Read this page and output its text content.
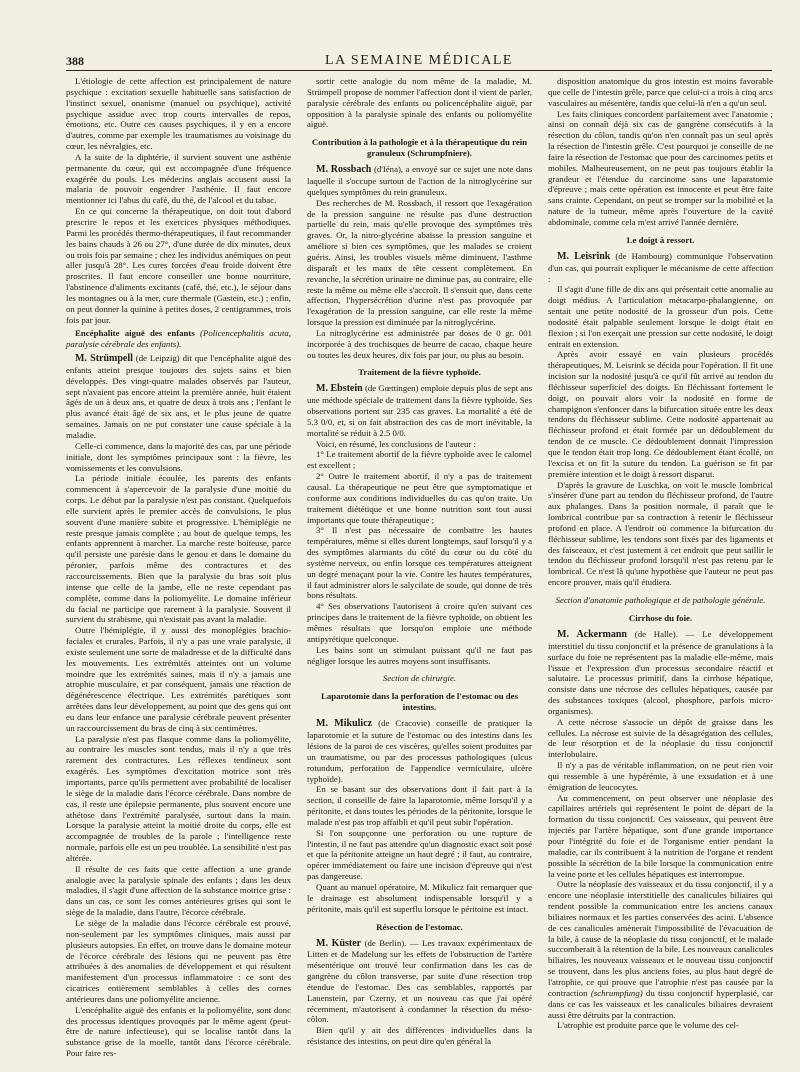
388	LA SEMAINE MÉDICALE

L'étiologie de cette affection est principalement de nature psychique : excitation sexuelle habituelle sans satisfaction de l'instinct sexuel, onanisme (manuel ou psychique), activité psychique assidue avec trop courts intervalles de repos, émotions, etc. Outre ces causes psychiques, il y en a encore d'autres, comme par exemple les traumatismes au voisinage du cœur, les névralgies, etc.

A la suite de la diphtérie, il survient souvent une asthénie permanente du cœur, qui est accompagnée d'une fréquence exagérée du pouls. Les médecins anglais accusent aussi la malaria de pouvoir engendrer l'asthénie. Il faut encore mentionner ici l'abus du café, du thé, de l'alcool et du tabac.

En ce qui concerne la thérapeutique, on doit tout d'abord prescrire le repos et les exercices physiques méthodiques. Parmi les procédés thermo-thérapeutiques, il faut recommander les bains chauds à 26 ou 27°, d'une durée de dix minutes, deux ou trois fois par semaine ; chez les individus anémiques on peut aller jusqu'à 28°. Les cures forcées d'eau froide doivent être proscrites. Il faut encore conseiller une bonne nourriture, l'abstinence d'aliments excitants (café, thé, etc.), le séjour dans les montagnes ou à la mer, cure thermale (Gastein, etc.) ; enfin, on peut donner la quinine à petites doses, 2 centigrammes, trois fois par jour.

Encéphalite aiguë des enfants (Policencephalitis acuta, paralysie cérébrale des enfants).

M. Strümpell (de Leipzig) dit que l'encéphalite aiguë des enfants atteint presque toujours des sujets sains et bien développés. Des vingt-quatre malades observés par l'auteur, sept n'avaient pas encore atteint la première année, huit étaient âgés de un à deux ans, et quatre de deux à trois ans ; l'enfant le plus avancé était âgé de six ans, et le plus jeune de quatre semaines. Jamais on ne put constater une cause spéciale à la maladie.

Celle-ci commence, dans la majorité des cas, par une période initiale, dont les symptômes principaux sont : la fièvre, les vomissements et les convulsions.

La période initiale écoulée, les parents des enfants commencent à s'apercevoir de la paralysie d'une moitié du corps. Le début par la paralysie n'est pas constant. Quelquefois elle survient après le premier accès de convulsions, le plus souvent d'une manière subite et progressive. L'hémiplégie ne reste presque jamais complète ; au bout de quelque temps, les enfants apprennent à marcher. La marche reste boiteuse, parce qu'il persiste une parésie dans le genou et dans le domaine du péronier, parfois même des contractures et des raccourcissements. Bien que la paralysie du bras soit plus intense que celle de la jambe, elle ne reste cependant pas complète, comme dans la poliomyélite. Le domaine inférieur du facial ne participe que rarement à la paralysie. Souvent il survient du strabisme, qui n'existait pas avant la maladie.

Outre l'hémiplégie, il y aussi des monoplégies brachio-faciales et crurales. Parfois, il n'y a pas une vraie paralysie, il existe seulement une sorte de maladresse et de la difficulté dans les mouvements. Les extrémités atteintes ont un volume moindre que les extrémités saines, mais il n'y a jamais une atrophie musculaire, et par conséquent, jamais une réaction de dégénérescence électrique. Les extrémités parétiques sont arrêtées dans leur développement, au point que des gens qui ont eu dans leur enfance une paralysie cérébrale peuvent présenter un raccourcissement du bras de cinq à six centimètres.

La paralysie n'est pas flasque comme dans la poliomyélite, au contraire les muscles sont tendus, mais il n'y a que très rarement des contractures. Les réflexes tendineux sont exagérés. Les symptômes d'excitation motrice sont très importants, parce qu'ils permettent avec probabilité de localiser le siège de la maladie dans l'écorce cérébrale. Dans nombre de cas, il reste une épilepsie permanente, plus souvent encore une athétose dans l'extrémité paralysée, surtout dans la main. Lorsque la paralysie atteint la moitié droite du corps, elle est accompagnée de troubles de la parole ; l'intelligence reste normale, parfois elle est un peu troublée. La sensibilité n'est pas altérée.

Il résulte de ces faits que cette affection a une grande analogie avec la paralysie spinale des enfants ; dans les deux maladies, il s'agit d'une affection de la substance motrice grise : dans un cas, ce sont les cornes antérieures grises qui sont le siège de la maladie, dans l'autre, l'écorce cérébrale.

Le siège de la maladie dans l'écorce cérébrale est prouvé, non-seulement par les symptômes cliniques, mais aussi par plusieurs autopsies. En effet, on trouve dans le domaine moteur de l'écorce cérébrale des lésions qui ne peuvent pas être attribuées à des anomalies de développement et qui résultent manifestement d'un processus inflammatoire : ce sont des cicatrices entièrement semblables à celles des cornes antérieures dans une poliomyélite ancienne.

L'encéphalite aiguë des enfants et la poliomyélite, sont donc des processus identiques provoqués par le même agent (peut-être de nature infectieuse), qui se localise tantôt dans la substance grise de la moelle, tantôt dans l'écorce cérébrale. Pour faire res-

sortir cette analogie du nom même de la maladie, M. Strümpell propose de nommer l'affection dont il vient de parler, paralysie cérébrale des enfants ou policencéphalite aiguë, par opposition à la paralysie spinale des enfants ou poliomyélite aiguë.

Contribution à la pathologie et à la thérapeutique du rein granuleux (Schrumpfniere).

M. Rossbach (d'Iéna), a envoyé sur ce sujet une note dans laquelle il s'occupe surtout de l'action de la nitroglycérine sur quelques symptômes du rein granuleux.

Des recherches de M. Rossbach, il ressort que l'exagération de la pression sanguine ne résulte pas d'une destruction partielle du rein, mais qu'elle provoque des symptômes très graves. Or, la nitro-glycérine abaisse la pression sanguine et améliore si bien ces symptômes, que les malades se croient guéris. Ainsi, les troubles visuels même diminuent, l'asthme disparaît et les maux de tête cessent complètement. En revanche, la sécrétion urinaire ne diminue pas, au contraire, elle reste la même ou même elle s'accroît. Il s'ensuit que, dans cette affection, l'hypersécrétion d'urine n'est pas provoquée par l'exagération de la pression sanguine, car elle reste la même lorsque la pression est diminuée par la nitroglycérine.

La nitroglycérine est administrée par doses de 0 gr. 001 incorporée à des trochisques de beurre de cacao, chaque heure ou toutes les deux heures, dix fois par jour, ou plus au besoin.

Traitement de la fièvre typhoïde.

M. Ebstein (de Gœttingen) emploie depuis plus de sept ans une méthode spéciale de traitement dans la fièvre typhoïde. Ses observations portent sur 235 cas graves. La mortalité a été de 5.3 0/0, et, si on fait abstraction des cas de mort inévitable, la mortalité se réduit à 2.5 0/0.

Voici, en résumé, les conclusions de l'auteur :

1° Le traitement abortif de la fièvre typhoïde avec le calomel est excellent ;

2° Outre le traitement abortif, il n'y a pas de traitement causal. La thérapeutique ne peut être que symptomatique et conforme aux conditions individuelles du cas qu'on traite. Un traitement diététique et une bonne nutrition sont tout aussi importants que toute thérapeutique ;

3° Il n'est pas nécessaire de combattre les hautes températures, même si elles durent longtemps, sauf lorsqu'il y a des symptômes alarmants du côté du cœur ou du côté du système nerveux, ou enfin lorsque ces températures atteignent un degré menaçant pour la vie. Contre les hautes températures, il faut administrer alors le salycilate de soude, qui donne de très bons résultats.

4° Ses observations l'autorisent à croire qu'en suivant ces principes dans le traitement de la fièvre typhoïde, on obtient les mêmes résultats que lorsqu'on emploie une méthode antipyrétique quelconque.

Les bains sont un stimulant puissant qu'il ne faut pas négliger lorsque les autres moyens sont insuffisants.

Section de chirurgie.
Laparotomie dans la perforation de l'estomac ou des intestins.

M. Mikulicz (de Cracovie) conseille de pratiquer la laparotomie et la suture de l'estomac ou des intestins dans les lésions de la paroi de ces viscères, qu'elles soient produites par un traumatisme, ou par des processus pathologiques (ulcus rotundum, perforation de l'appendice vermiculaire, ulcère typhoïde).

En se basant sur des observations dont il fait part à la section, il conseille de faire la laparotomie, même lorsqu'il y a péritonite, et dans toutes les périodes de la péritonite, lorsque le malade n'est pas trop affaibli et qu'il peut subir l'opération.

Si l'on soupçonne une perforation ou une rupture de l'intestin, il ne faut pas attendre qu'un diagnostic exact soit posé et que la péritonite atteigne un haut degré ; il faut, au contraire, opérer immédiatement ou faire une incision d'épreuve qui n'est pas dangereuse.

Quant au manuel opératoire, M. Mikulicz fait remarquer que le drainage est absolument indispensable lorsqu'il y a péritonite, mais qu'il est superflu lorsque le péritoine est intact.

Résection de l'estomac.

M. Küster (de Berlin). — Les travaux expérimentaux de Litten et de Madelung sur les effets de l'obstruction de l'artère mésentérique ont trouvé leur confirmation dans les cas de gangrène du côlon transverse, par suite d'une résection trop étendue de l'estomac. Des cas semblables, rapportés par Lauenstein, par Czerny, et un nouveau cas que j'ai opéré récemment, m'autorisent à condamner la résection du méso-côlon.

Bien qu'il y ait des différences individuelles dans la résistance des intestins, on peut dire qu'en général la

disposition anatomique du gros intestin est moins favorable que celle de l'intestin grêle, parce que celui-ci a trois à cinq arcs vasculaires au mésentère, tandis que celui-là n'en a qu'un seul.

Les faits cliniques concordent parfaitement avec l'anatomie ; ainsi on connaît déjà six cas de gangrène consécutifs à la résection du côlon, tandis qu'on n'en connaît pas un seul après la résection de l'intestin grêle. C'est pourquoi je conseille de ne faire la résection de l'estomac que pour des carcinomes petits et mobiles. Malheureusement, on ne peut pas toujours établir la grandeur et l'étendue du carcinome sans une laparatomie d'épreuve ; mais cette opération est innocente et peut être faite sans crainte. Cependant, on peut se tromper sur la mobilité et la nature de la tumeur, même après l'ouverture de la cavité abdominale, comme cela m'est arrivé l'année dernière.

Le doigt à ressort.

M. Leisrink (de Hambourg) communique l'observation d'un cas, qui pourrait expliquer le mécanisme de cette affection :

Il s'agit d'une fille de dix ans qui présentait cette anomalie au doigt médius. A l'articulation métacarpo-phalangienne, on sentait une petite nodosité de la grosseur d'un pois. Cette nodosité était palpable seulement lorsque le doigt était en flexion ; si l'on exerçait une pression sur cette nodosité, le doigt entrait en extension.

Après avoir essayé en vain plusieurs procédés thérapeutiques, M. Leisrink se décida pour l'opération. Il fit une incision sur la nodosité jusqu'à ce qu'il fût arrivé au tendon du fléchisseur superficiel des doigts. En fléchissant fortement le doigt, on pouvait alors voir la nodosité en forme de champignon s'enfoncer dans la bifurcation située entre les deux tendons du fléchisseur sublime. Cette nodosité appartenait au fléchisseur profond et était formée par un dédoublement du tendon de ce muscle. Ce dédoublement donnait l'impression que le tendon était trop long. Ce dédoublement étant écollé, on l'excisa et on fit la suture du tendon. La guérison se fit par première intention et le doigt à ressort disparut.

D'après la gravure de Luschka, on voit le muscle lombrical s'insérer d'une part au tendon du fléchisseur profond, de l'autre aux phalanges. Dans la position normale, il paraît que le lombrical contribue par sa contraction à retenir le fléchisseur profond en place. A l'endroit où commence la bifurcation du fléchisseur sublime, les tendons sont fixés par des ligaments et des faisceaux, et c'est justement à cet endroit que peut saillir le tendon du fléchisseur profond lorsqu'il n'est pas retenu par le lombrical. Ce n'est là qu'une hypothèse que l'auteur ne peut pas encore prouver, mais qu'il étudiera.

Section d'anatomie pathologique et de pathologie générale.
Cirrhose du foie.

M. Ackermann (de Halle). — Le développement interstitiel du tissu conjonctif et la présence de granulations à la surface du foie ne représentent pas la maladie elle-même, mais l'issue et l'expression d'un processus secondaire réactif et salutaire. Le processus primitif, dans la cirrhose hépatique, consiste dans une nécrose des cellules hépatiques, causée par des substances toxiques (alcool, phosphore, parfois micro-organismes).

A cette nécrose s'associe un dépôt de graisse dans les cellules. La nécrose est suivie de la désagrégation des cellules, de leur résorption et de la néoplasie du tissu conjonctif interlobulaire.

Il n'y a pas de véritable inflammation, on ne peut rien voir qui ressemble à une hypérémie, à une exsudation et à une émigration de leucocytes.

Au commencement, on peut observer une néoplasie des capillaires artériels qui représentent le point de départ de la formation du tissu conjonctif. Ces vaisseaux, qui peuvent être injectés par l'artère hépatique, sont d'une grande importance pour l'intégrité du foie et de l'organisme entier pendant la maladie, car ils contribuent à la nutrition de l'organe et rendent possible la sécrétion de la bile lorsque la communication entre la veine porte et les cellules hépatiques est interrompue.

Outre la néoplasie des vaisseaux et du tissu conjonctif, il y a encore une néoplasie interstitielle des canalicules biliaires qui rendent possible la communication entre les anciens canaux biliaires normaux et les parties conservées des acini. L'absence de ces canalicules amènerait l'impossibilité de l'évacuation de la bile, à cause de la néoplasie du tissu conjonctif, et le malade succomberait à la rétention de la bile. Les nouveaux canalicules biliaires, les nouveaux vaisseaux et le nouveau tissu conjonctif se trouvent, dans les plus anciens foies, au plus haut degré de l'atrophie, ce qui prouve que l'atrophie n'est pas causée par la contraction (schrumpfung) du tissu conjonctif hyperplasié, car dans ce cas les vaisseaux et les canalicules biliaires devraient aussi être détruits par la contraction.

L'atrophie est produite parce que le volume des cel-
